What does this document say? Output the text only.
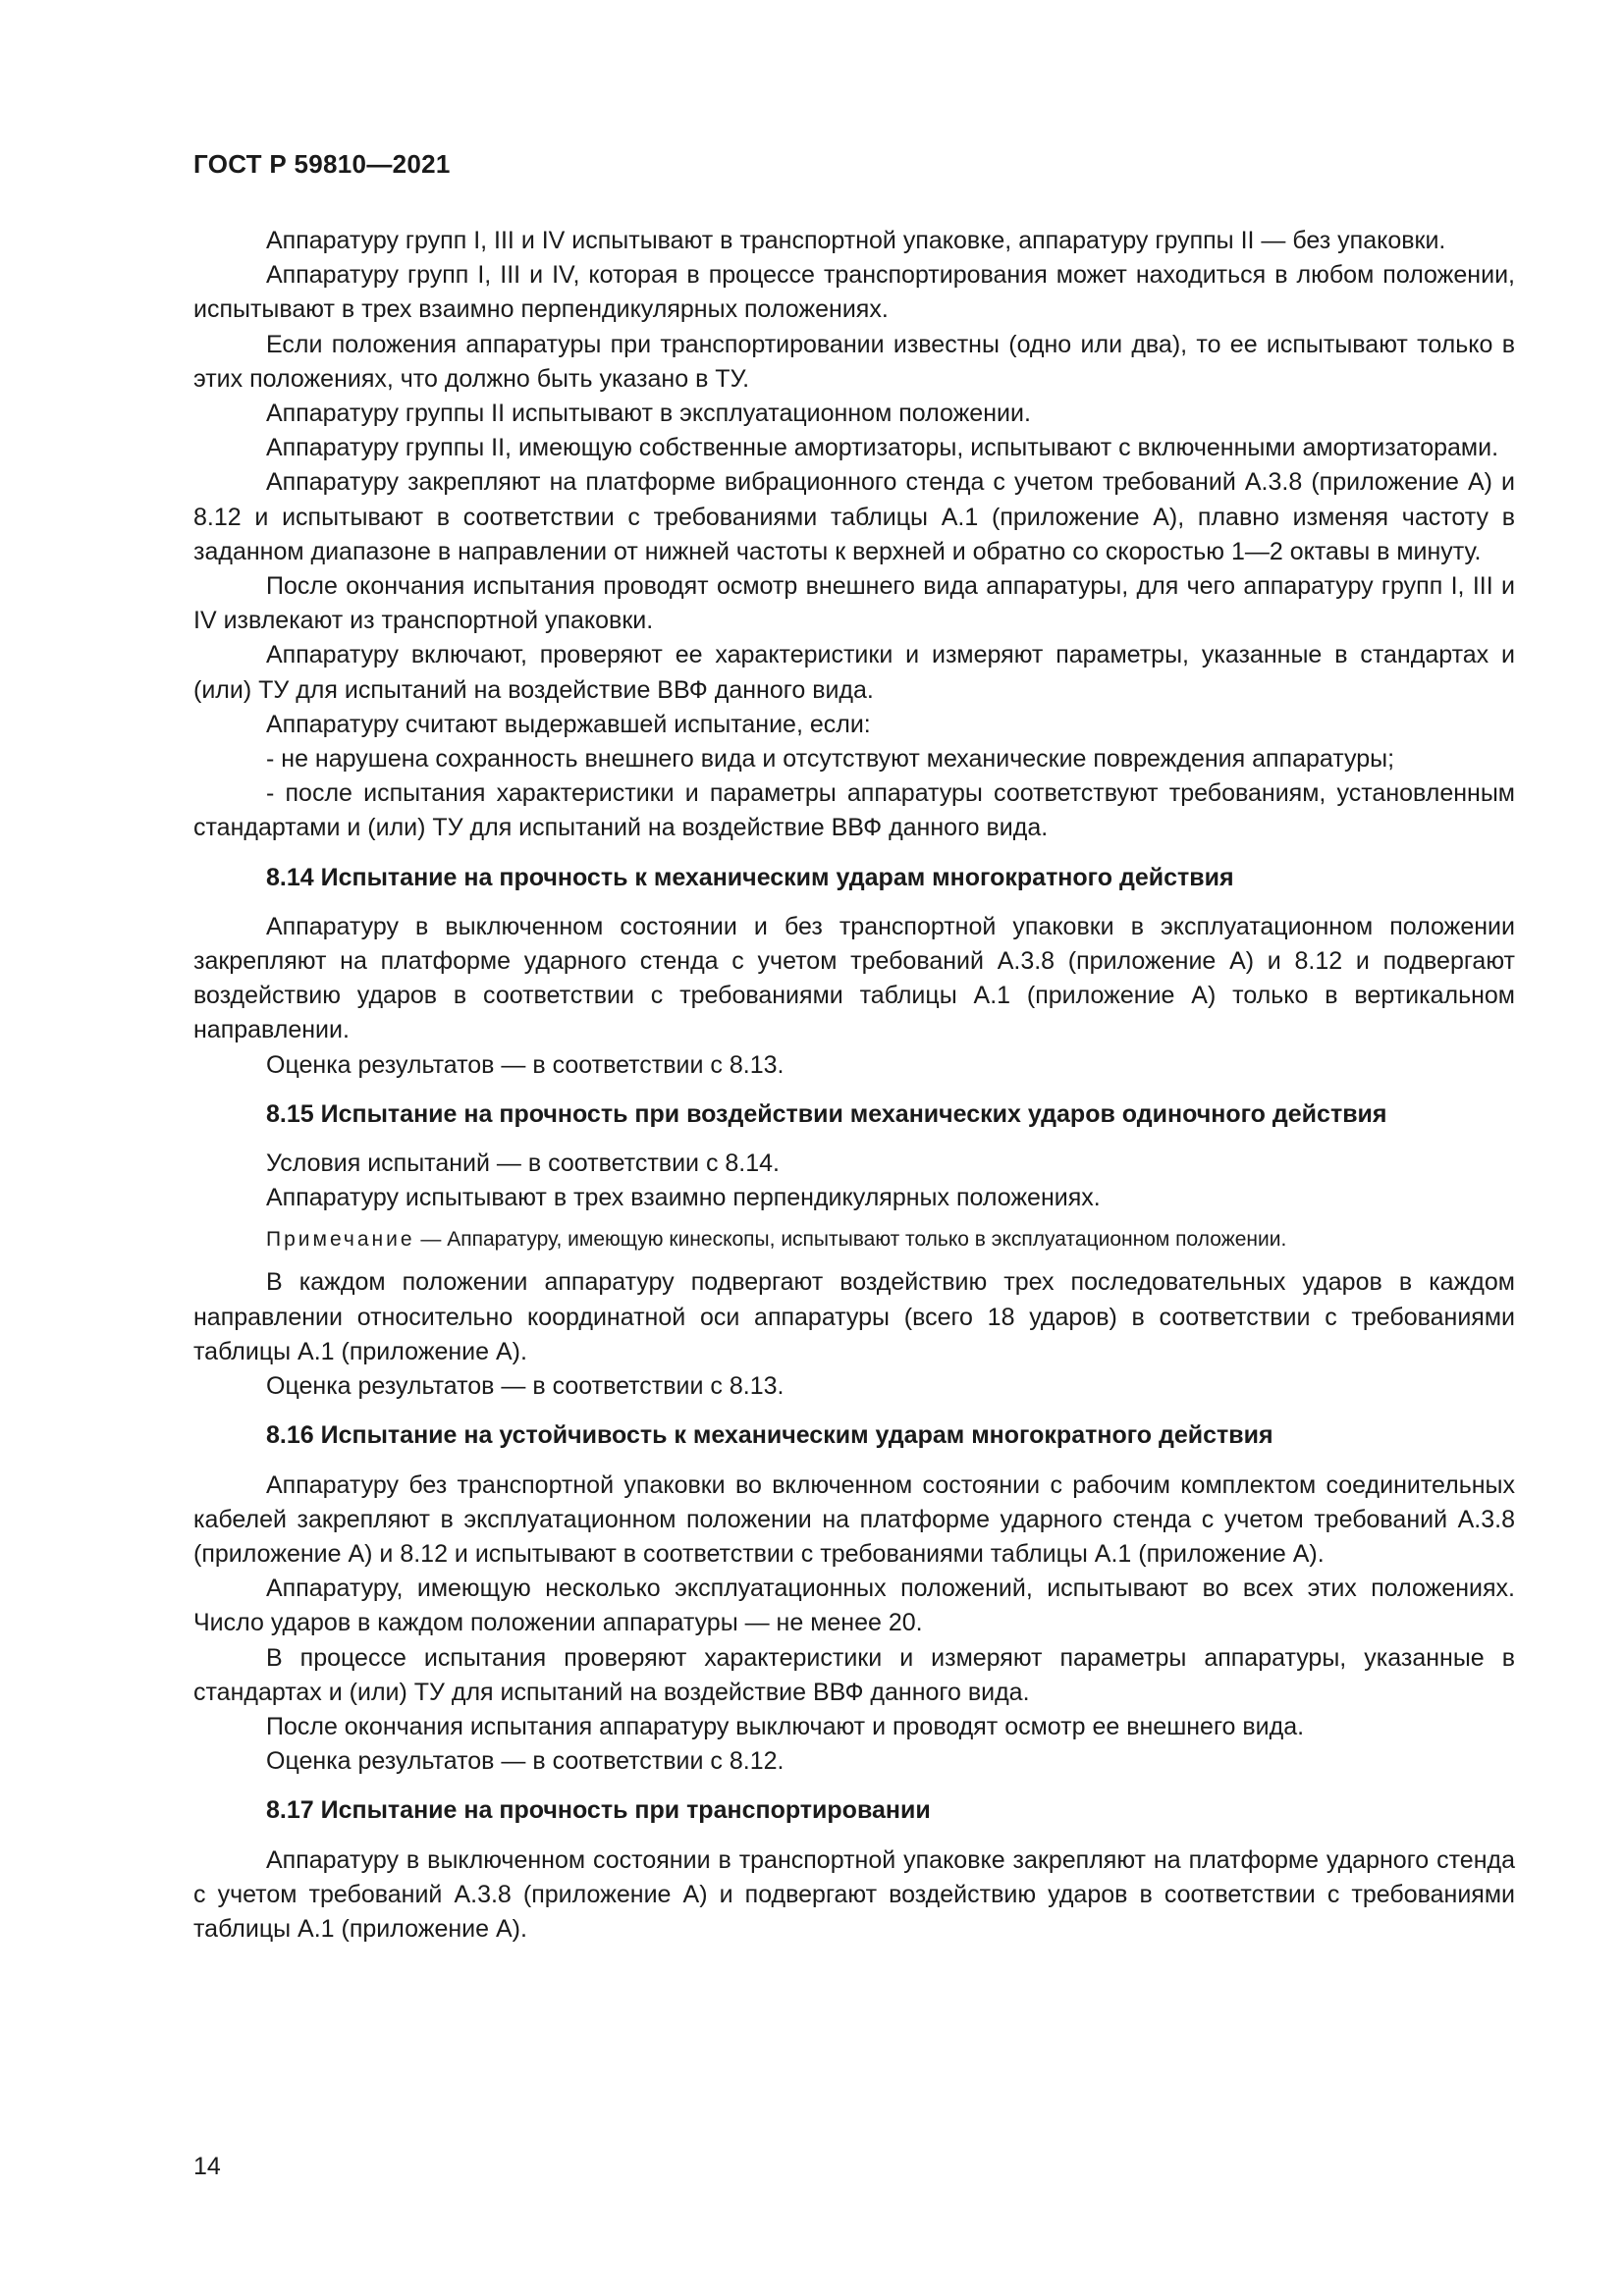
ГОСТ Р 59810—2021

Аппаратуру групп I, III и IV испытывают в транспортной упаковке, аппаратуру группы II — без упаковки.

Аппаратуру групп I, III и IV, которая в процессе транспортирования может находиться в любом положении, испытывают в трех взаимно перпендикулярных положениях.

Если положения аппаратуры при транспортировании известны (одно или два), то ее испытывают только в этих положениях, что должно быть указано в ТУ.

Аппаратуру группы II испытывают в эксплуатационном положении.

Аппаратуру группы II, имеющую собственные амортизаторы, испытывают с включенными амортизаторами.

Аппаратуру закрепляют на платформе вибрационного стенда с учетом требований А.3.8 (приложение А) и 8.12 и испытывают в соответствии с требованиями таблицы А.1 (приложение А), плавно изменяя частоту в заданном диапазоне в направлении от нижней частоты к верхней и обратно со скоростью 1—2 октавы в минуту.

После окончания испытания проводят осмотр внешнего вида аппаратуры, для чего аппаратуру групп I, III и IV извлекают из транспортной упаковки.

Аппаратуру включают, проверяют ее характеристики и измеряют параметры, указанные в стандартах и (или) ТУ для испытаний на воздействие ВВФ данного вида.

Аппаратуру считают выдержавшей испытание, если:

- не нарушена сохранность внешнего вида и отсутствуют механические повреждения аппаратуры;

- после испытания характеристики и параметры аппаратуры соответствуют требованиям, установленным стандартами и (или) ТУ для испытаний на воздействие ВВФ данного вида.

8.14 Испытание на прочность к механическим ударам многократного действия

Аппаратуру в выключенном состоянии и без транспортной упаковки в эксплуатационном положении закрепляют на платформе ударного стенда с учетом требований А.3.8 (приложение А) и 8.12 и подвергают воздействию ударов в соответствии с требованиями таблицы А.1 (приложение А) только в вертикальном направлении.

Оценка результатов — в соответствии с 8.13.

8.15 Испытание на прочность при воздействии механических ударов одиночного действия

Условия испытаний — в соответствии с 8.14.

Аппаратуру испытывают в трех взаимно перпендикулярных положениях.

Примечание — Аппаратуру, имеющую кинескопы, испытывают только в эксплуатационном положении.

В каждом положении аппаратуру подвергают воздействию трех последовательных ударов в каждом направлении относительно координатной оси аппаратуры (всего 18 ударов) в соответствии с требованиями таблицы А.1 (приложение А).

Оценка результатов — в соответствии с 8.13.

8.16 Испытание на устойчивость к механическим ударам многократного действия

Аппаратуру без транспортной упаковки во включенном состоянии с рабочим комплектом соединительных кабелей закрепляют в эксплуатационном положении на платформе ударного стенда с учетом требований А.3.8 (приложение А) и 8.12 и испытывают в соответствии с требованиями таблицы А.1 (приложение А).

Аппаратуру, имеющую несколько эксплуатационных положений, испытывают во всех этих положениях. Число ударов в каждом положении аппаратуры — не менее 20.

В процессе испытания проверяют характеристики и измеряют параметры аппаратуры, указанные в стандартах и (или) ТУ для испытаний на воздействие ВВФ данного вида.

После окончания испытания аппаратуру выключают и проводят осмотр ее внешнего вида.

Оценка результатов — в соответствии с 8.12.

8.17 Испытание на прочность при транспортировании

Аппаратуру в выключенном состоянии в транспортной упаковке закрепляют на платформе ударного стенда с учетом требований А.3.8 (приложение А) и подвергают воздействию ударов в соответствии с требованиями таблицы А.1 (приложение А).

14
